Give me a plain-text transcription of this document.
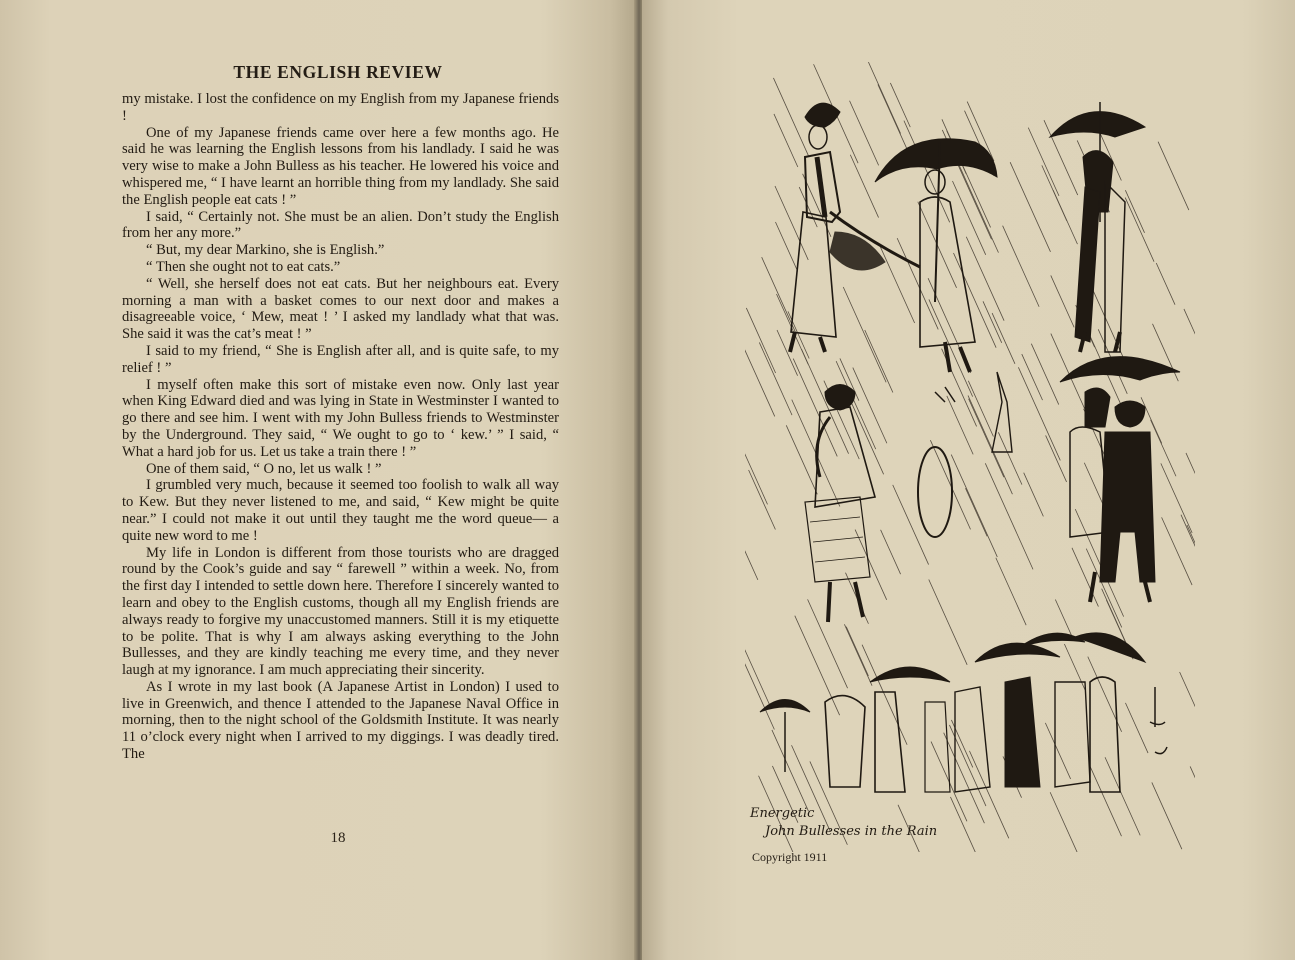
THE ENGLISH REVIEW

my mistake. I lost the confidence on my English from my Japanese friends !

One of my Japanese friends came over here a few months ago. He said he was learning the English lessons from his landlady. I said he was very wise to make a John Bulless as his teacher. He lowered his voice and whispered me, “ I have learnt an horrible thing from my landlady. She said the English people eat cats ! ”

I said, “ Certainly not. She must be an alien. Don’t study the English from her any more.”

“ But, my dear Markino, she is English.”

“ Then she ought not to eat cats.”

“ Well, she herself does not eat cats. But her neighbours eat. Every morning a man with a basket comes to our next door and makes a disagreeable voice, ‘ Mew, meat ! ’ I asked my landlady what that was. She said it was the cat’s meat ! ”

I said to my friend, “ She is English after all, and is quite safe, to my relief ! ”

I myself often make this sort of mistake even now. Only last year when King Edward died and was lying in State in Westminster I wanted to go there and see him. I went with my John Bulless friends to Westminster by the Underground. They said, “ We ought to go to ‘ kew.’ ” I said, “ What a hard job for us. Let us take a train there ! ”

One of them said, “ O no, let us walk ! ”

I grumbled very much, because it seemed too foolish to walk all way to Kew. But they never listened to me, and said, “ Kew might be quite near.” I could not make it out until they taught me the word queue— a quite new word to me !

My life in London is different from those tourists who are dragged round by the Cook’s guide and say “ farewell ” within a week. No, from the first day I intended to settle down here. Therefore I sincerely wanted to learn and obey to the English customs, though all my English friends are always ready to forgive my unaccustomed manners. Still it is my etiquette to be polite. That is why I am always asking everything to the John Bullesses, and they are kindly teaching me every time, and they never laugh at my ignorance. I am much appreciating their sincerity.

As I wrote in my last book (A Japanese Artist in London) I used to live in Greenwich, and thence I attended to the Japanese Naval Office in morning, then to the night school of the Goldsmith Institute. It was nearly 11 o’clock every night when I arrived to my diggings. I was deadly tired. The

18

Energetic
John Bullesses in the Rain

Copyright 1911
